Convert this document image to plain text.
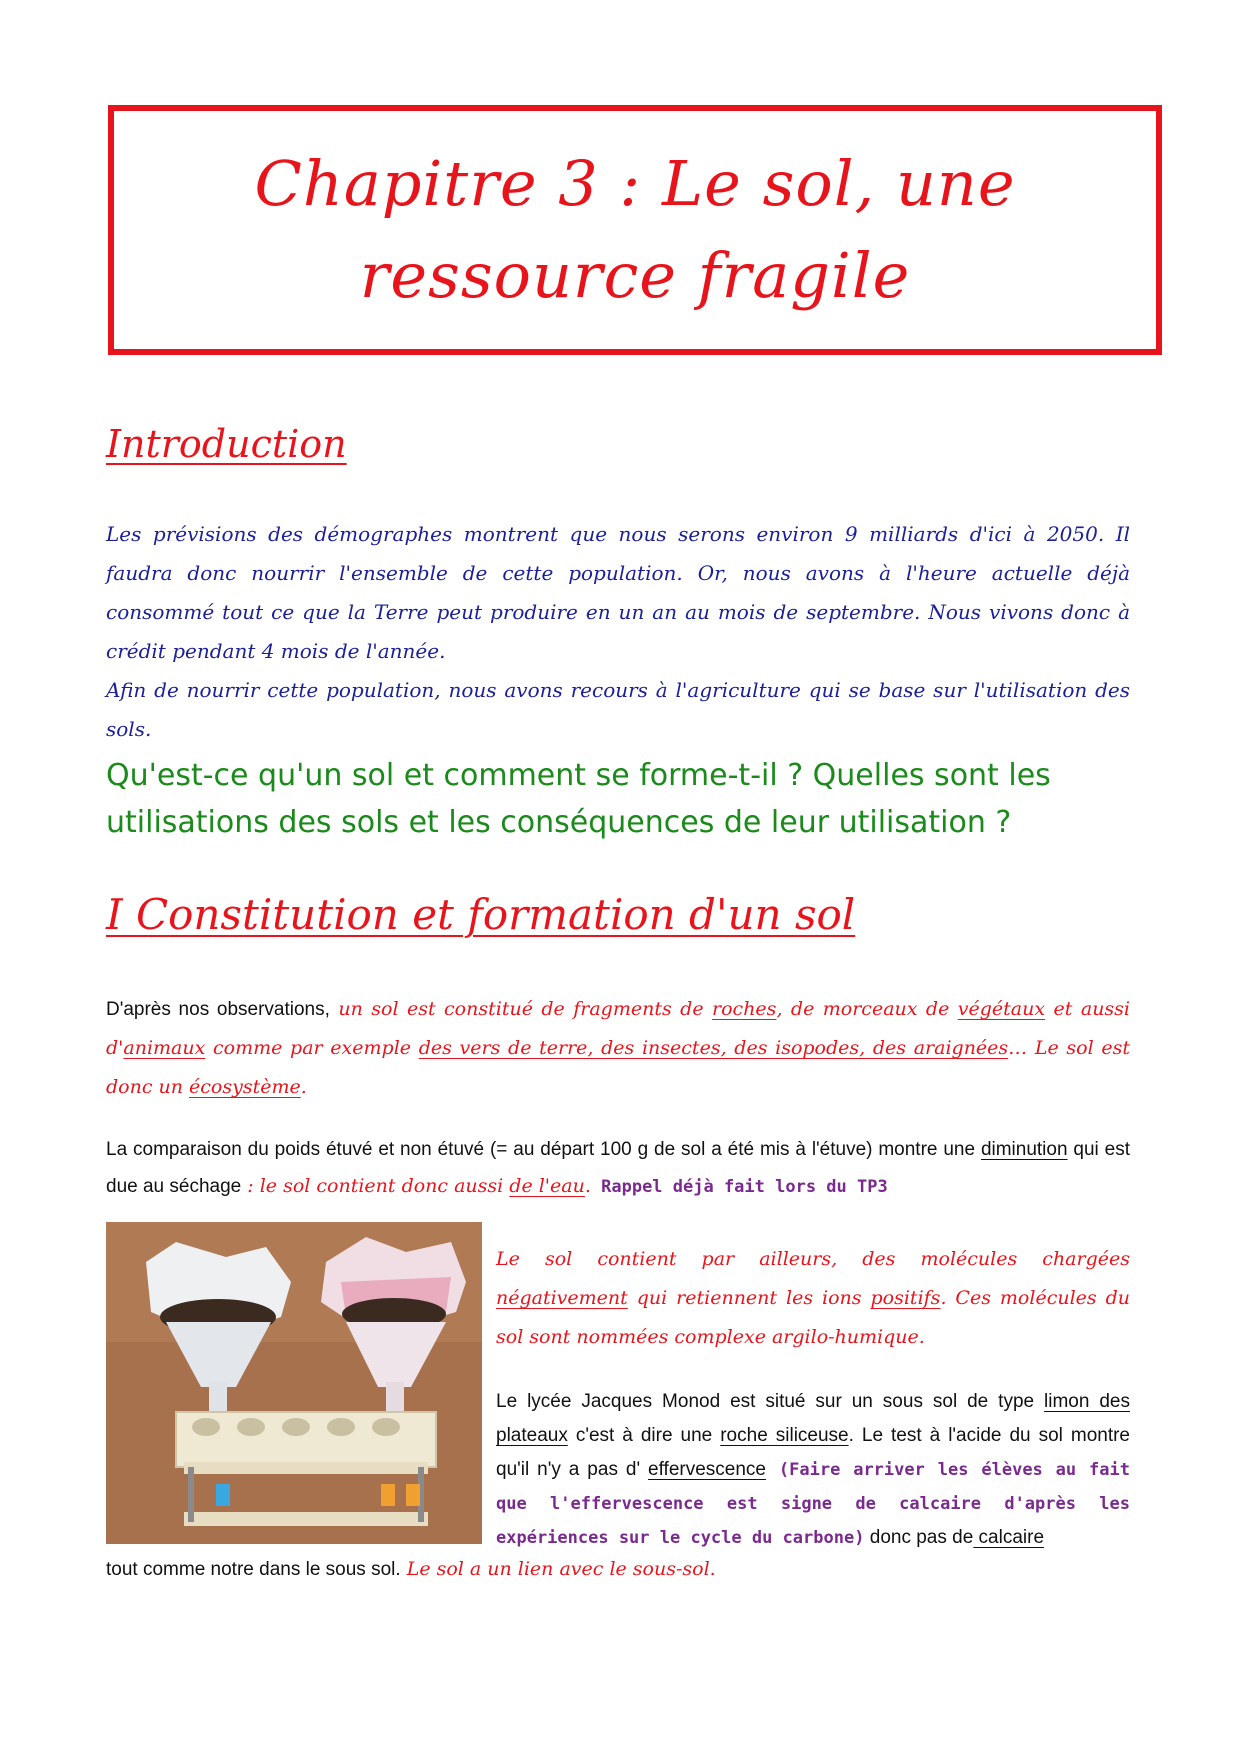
Chapitre 3 : Le sol, une
ressource fragile
Introduction

Les prévisions des démographes montrent que nous serons environ 9 milliards d'ici à 2050. Il faudra donc nourrir l'ensemble de cette population. Or, nous avons à l'heure actuelle déjà consommé tout ce que la Terre peut produire en un an au mois de septembre. Nous vivons donc à crédit pendant 4 mois de l'année.

Afin de nourrir cette population, nous avons recours à l'agriculture qui se base sur l'utilisation des sols.

Qu'est-ce qu'un sol et comment se forme-t-il ? Quelles sont les utilisations des sols et les conséquences de leur utilisation ?
I Constitution et formation d'un sol
D'après nos observations, un sol est constitué de fragments de roches, de morceaux de végétaux et aussi d'animaux comme par exemple des vers de terre, des insectes, des isopodes, des araignées… Le sol est donc un écosystème.
La comparaison du poids étuvé et non étuvé (= au départ 100 g de sol a été mis à l'étuve) montre une diminution qui est due au séchage : le sol contient donc aussi de l'eau. Rappel déjà fait lors du TP3

Le sol contient par ailleurs, des molécules chargées négativement qui retiennent les ions positifs. Ces molécules du sol sont nommées complexe argilo-humique.

Le lycée Jacques Monod est situé sur un sous sol de type limon des plateaux c'est à dire une roche siliceuse. Le test à l'acide du sol montre qu'il n'y a pas d' effervescence (Faire arriver les élèves au fait que l'effervescence est signe de calcaire d'après les expériences sur le cycle du carbone) donc pas de calcaire

tout comme notre dans le sous sol. Le sol a un lien avec le sous-sol.
